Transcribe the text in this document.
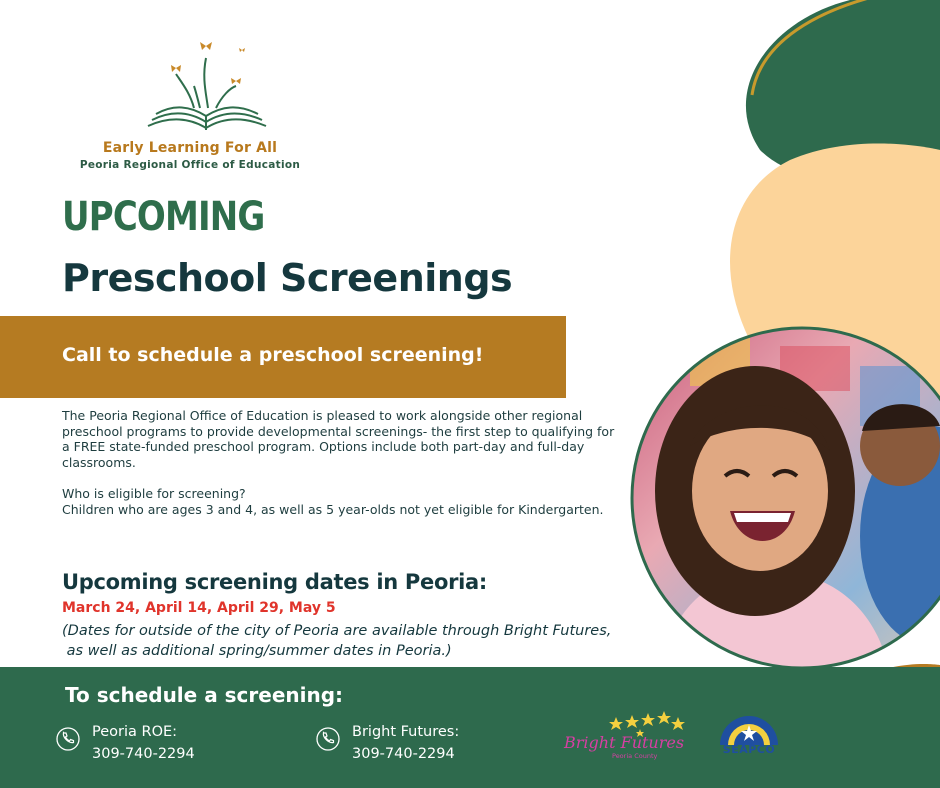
Early Learning For All
Peoria Regional Office of Education
UPCOMING
Preschool Screenings
Call to schedule a preschool screening!

The Peoria Regional Office of Education is pleased to work alongside other regional preschool programs to provide developmental screenings- the first step to qualifying for a FREE state-funded preschool program. Options include both part-day and full-day classrooms.

Who is eligible for screening?

Children who are ages 3 and 4, as well as 5 year-olds not yet eligible for Kindergarten.

Upcoming screening dates in Peoria:
March 24, April 14, April 29, May 5
(Dates for outside of the city of Peoria are available through Bright Futures,
as well as additional spring/summer dates in Peoria.)
To schedule a screening:
Peoria ROE:
309-740-2294
Bright Futures:
309-740-2294
Bright Futures
Peoria County	SEAPCO
